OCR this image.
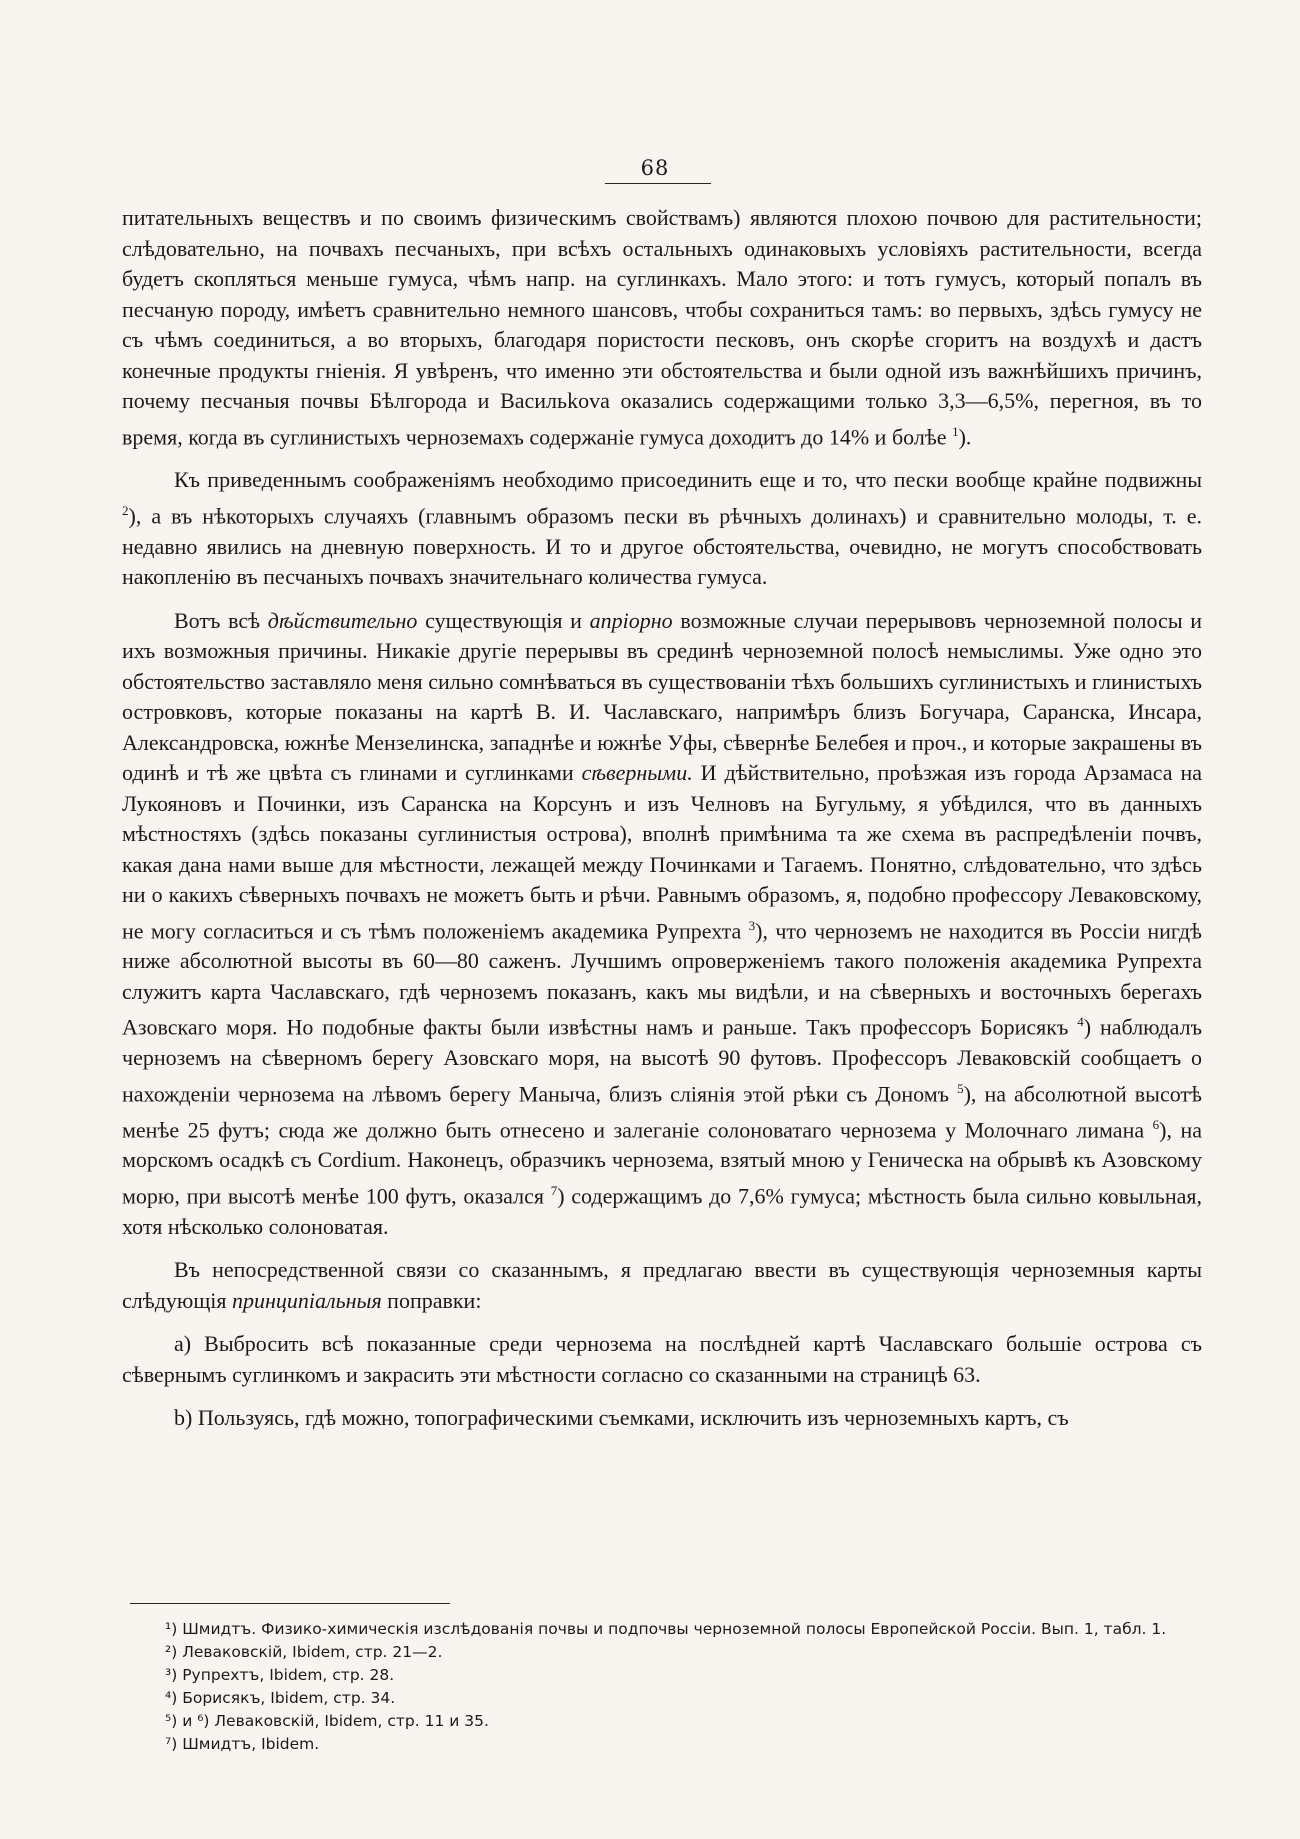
68

питательныхъ веществъ и по своимъ физическимъ свойствамъ) являются плохою почвою для растительности; слѣдовательно, на почвахъ песчаныхъ, при всѣхъ остальныхъ одинаковыхъ условіяхъ растительности, всегда будетъ скопляться меньше гумуса, чѣмъ напр. на суглинкахъ. Мало этого: и тотъ гумусъ, который попалъ въ песчаную породу, имѣетъ сравнительно немного шансовъ, чтобы сохраниться тамъ: во первыхъ, здѣсь гумусу не съ чѣмъ соединиться, а во вторыхъ, благодаря пористости песковъ, онъ скорѣе сгоритъ на воздухѣ и дастъ конечные продукты гніенія. Я увѣренъ, что именно эти обстоятельства и были одной изъ важнѣйшихъ причинъ, почему песчаныя почвы Бѣлгорода и Васильkova оказались содержащими только 3,3—6,5%, перегноя, въ то время, когда въ суглинистыхъ черноземахъ содержаніе гумуса доходитъ до 14% и болѣе $^1$).

Къ приведеннымъ соображеніямъ необходимо присоединить еще и то, что пески вообще крайне подвижны $^2$), а въ нѣкоторыхъ случаяхъ (главнымъ образомъ пески въ рѣчныхъ долинахъ) и сравнительно молоды, т. е. недавно явились на дневную поверхность. И то и другое обстоятельства, очевидно, не могутъ способствовать накопленію въ песчаныхъ почвахъ значительнаго количества гумуса.

Вотъ всѣ дѣйствительно существующія и апріорно возможные случаи перерывовъ черноземной полосы и ихъ возможныя причины. Никакіе другіе перерывы въ срединѣ черноземной полосѣ немыслимы. Уже одно это обстоятельство заставляло меня сильно сомнѣваться въ существованіи тѣхъ большихъ суглинистыхъ и глинистыхъ островковъ, которые показаны на картѣ В. И. Чаславскаго, напримѣръ близъ Богучара, Саранска, Инсара, Александровска, южнѣе Мензелинска, западнѣе и южнѣе Уфы, сѣвернѣе Белебея и проч., и которые закрашены въ одинѣ и тѣ же цвѣта съ глинами и суглинками сѣверными. И дѣйствительно, проѣзжая изъ города Арзамаса на Лукояновъ и Починки, изъ Саранска на Корсунъ и изъ Челновъ на Бугульму, я убѣдился, что въ данныхъ мѣстностяхъ (здѣсь показаны суглинистыя острова), вполнѣ примѣнима та же схема въ распредѣленіи почвъ, какая дана нами выше для мѣстности, лежащей между Починками и Тагаемъ. Понятно, слѣдовательно, что здѣсь ни о какихъ сѣверныхъ почвахъ не можетъ быть и рѣчи. Равнымъ образомъ, я, подобно профессору Леваковскому, не могу согласиться и съ тѣмъ положеніемъ академика Рупрехта $^3$), что черноземъ не находится въ Россіи нигдѣ ниже абсолютной высоты въ 60—80 саженъ. Лучшимъ опроверженіемъ такого положенія академика Рупрехта служитъ карта Чаславскаго, гдѣ черноземъ показанъ, какъ мы видѣли, и на сѣверныхъ и восточныхъ берегахъ Азовскаго моря. Но подобные факты были извѣстны намъ и раньше. Такъ профессоръ Борисякъ $^4$) наблюдалъ черноземъ на сѣверномъ берегу Азовскаго моря, на высотѣ 90 футовъ. Профессоръ Леваковскій сообщаетъ о нахожденіи чернозема на лѣвомъ берегу Маныча, близъ сліянія этой рѣки съ Дономъ $^5$), на абсолютной высотѣ менѣе 25 футъ; сюда же должно быть отнесено и залеганіе солоноватаго чернозема у Молочнаго лимана $^6$), на морскомъ осадкѣ съ Cordium. Наконецъ, образчикъ чернозема, взятый мною у Геническа на обрывѣ къ Азовскому морю, при высотѣ менѣе 100 футъ, оказался $^7$) содержащимъ до 7,6% гумуса; мѣстность была сильно ковыльная, хотя нѣсколько солоноватая.

Въ непосредственной связи со сказаннымъ, я предлагаю ввести въ существующія черноземныя карты слѣдующія принципіальныя поправки:

а) Выбросить всѣ показанные среди чернозема на послѣдней картѣ Чаславскаго большіе острова съ сѣвернымъ суглинкомъ и закрасить эти мѣстности согласно со сказанными на страницѣ 63.

b) Пользуясь, гдѣ можно, топографическими съемками, исключить изъ черноземныхъ картъ, съ

¹) Шмидтъ. Физико-химическія изслѣдованія почвы и подпочвы черноземной полосы Европейской Россіи. Вып. 1, табл. 1.
²) Леваковскій, Ibidem, стр. 21—2.
³) Рупрехтъ, Ibidem, стр. 28.
⁴) Борисякъ, Ibidem, стр. 34.
⁵) и ⁶) Леваковскій, Ibidem, стр. 11 и 35.
⁷) Шмидтъ, Ibidem.
